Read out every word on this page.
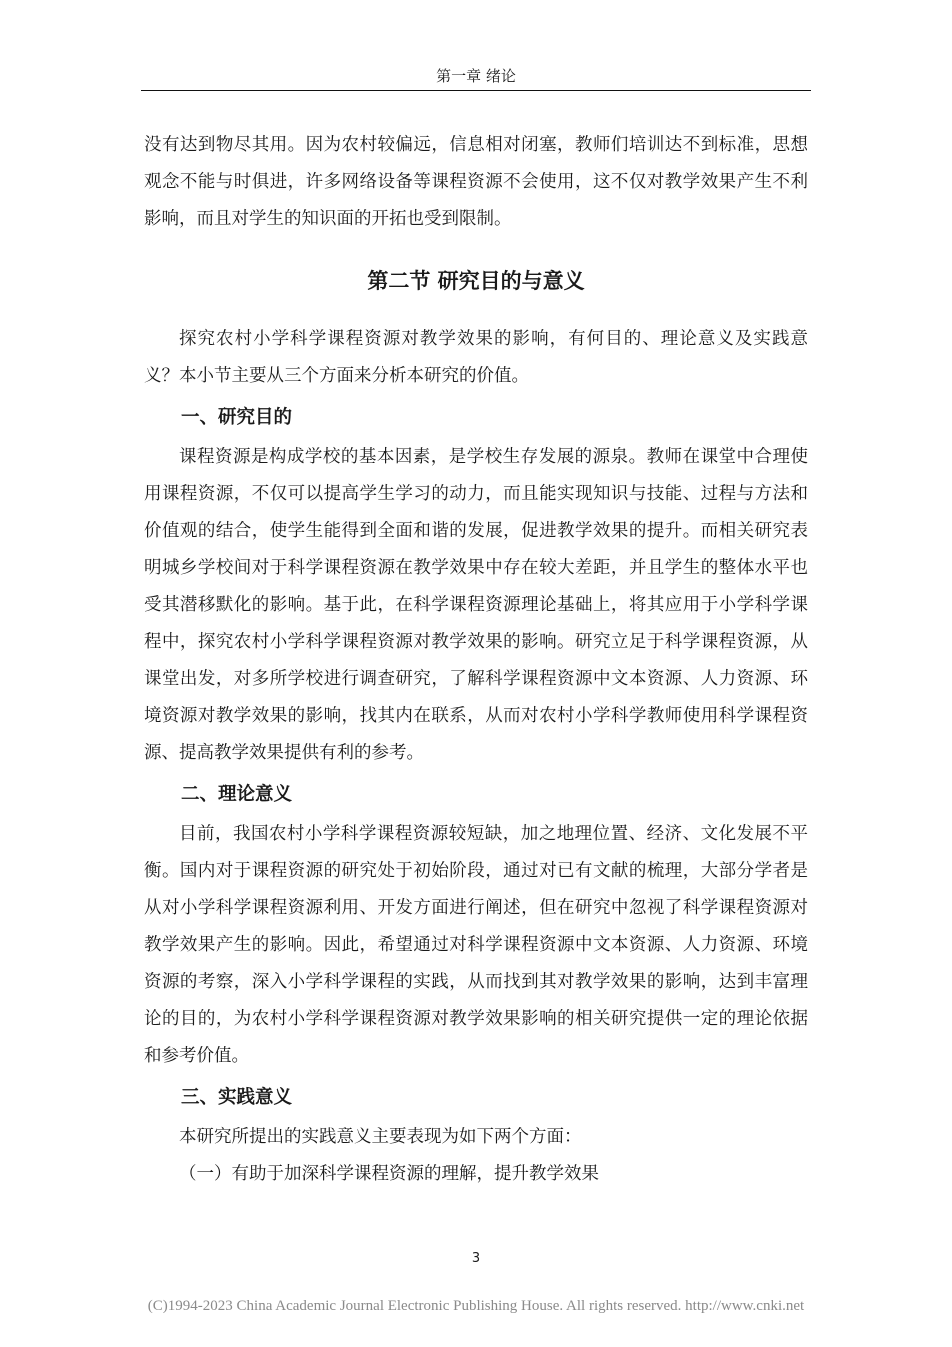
第一章 绪论

没有达到物尽其用。因为农村较偏远，信息相对闭塞，教师们培训达不到标准，思想观念不能与时俱进，许多网络设备等课程资源不会使用，这不仅对教学效果产生不利影响，而且对学生的知识面的开拓也受到限制。

第二节 研究目的与意义

探究农村小学科学课程资源对教学效果的影响，有何目的、理论意义及实践意义？本小节主要从三个方面来分析本研究的价值。

一、研究目的

课程资源是构成学校的基本因素，是学校生存发展的源泉。教师在课堂中合理使用课程资源，不仅可以提高学生学习的动力，而且能实现知识与技能、过程与方法和价值观的结合，使学生能得到全面和谐的发展，促进教学效果的提升。而相关研究表明城乡学校间对于科学课程资源在教学效果中存在较大差距，并且学生的整体水平也受其潜移默化的影响。基于此，在科学课程资源理论基础上，将其应用于小学科学课程中，探究农村小学科学课程资源对教学效果的影响。研究立足于科学课程资源，从课堂出发，对多所学校进行调查研究，了解科学课程资源中文本资源、人力资源、环境资源对教学效果的影响，找其内在联系，从而对农村小学科学教师使用科学课程资源、提高教学效果提供有利的参考。

二、理论意义

目前，我国农村小学科学课程资源较短缺，加之地理位置、经济、文化发展不平衡。国内对于课程资源的研究处于初始阶段，通过对已有文献的梳理，大部分学者是从对小学科学课程资源利用、开发方面进行阐述，但在研究中忽视了科学课程资源对教学效果产生的影响。因此，希望通过对科学课程资源中文本资源、人力资源、环境资源的考察，深入小学科学课程的实践，从而找到其对教学效果的影响，达到丰富理论的目的，为农村小学科学课程资源对教学效果影响的相关研究提供一定的理论依据和参考价值。

三、实践意义

本研究所提出的实践意义主要表现为如下两个方面：

（一）有助于加深科学课程资源的理解，提升教学效果

3
(C)1994-2023 China Academic Journal Electronic Publishing House. All rights reserved. http://www.cnki.net
